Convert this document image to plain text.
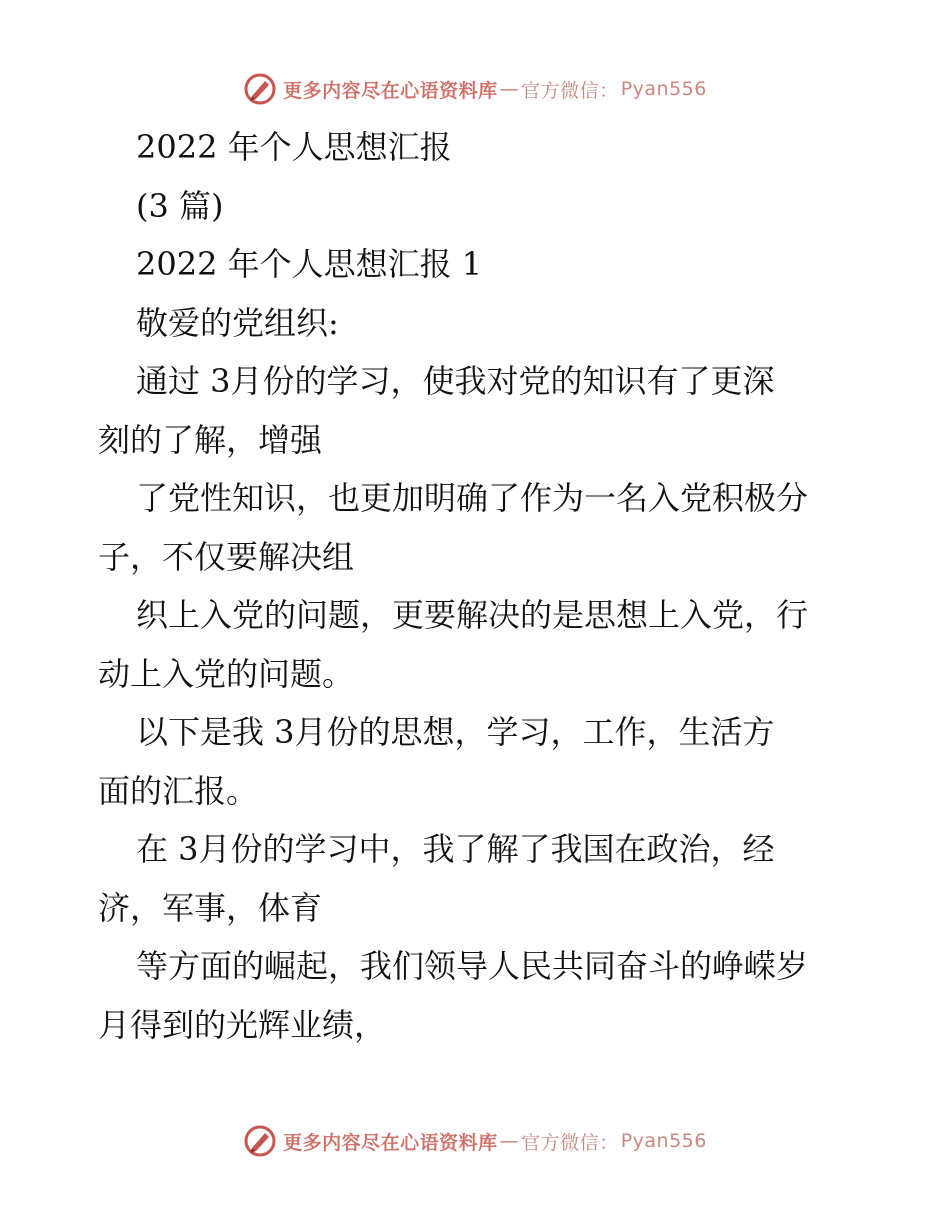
更多内容尽在心语资料库 — 官方微信： Pyan556

2022 年个人思想汇报

(3 篇)

2022 年个人思想汇报 1

敬爱的党组织:

通过 3月份的学习，使我对党的知识有了更深

刻的了解，增强

了党性知识，也更加明确了作为一名入党积极分

子，不仅要解决组

织上入党的问题，更要解决的是思想上入党，行

动上入党的问题。

以下是我 3月份的思想，学习，工作，生活方

面的汇报。

在 3月份的学习中，我了解了我国在政治，经

济，军事，体育

等方面的崛起，我们领导人民共同奋斗的峥嵘岁

月得到的光辉业绩，

更多内容尽在心语资料库 — 官方微信： Pyan556
